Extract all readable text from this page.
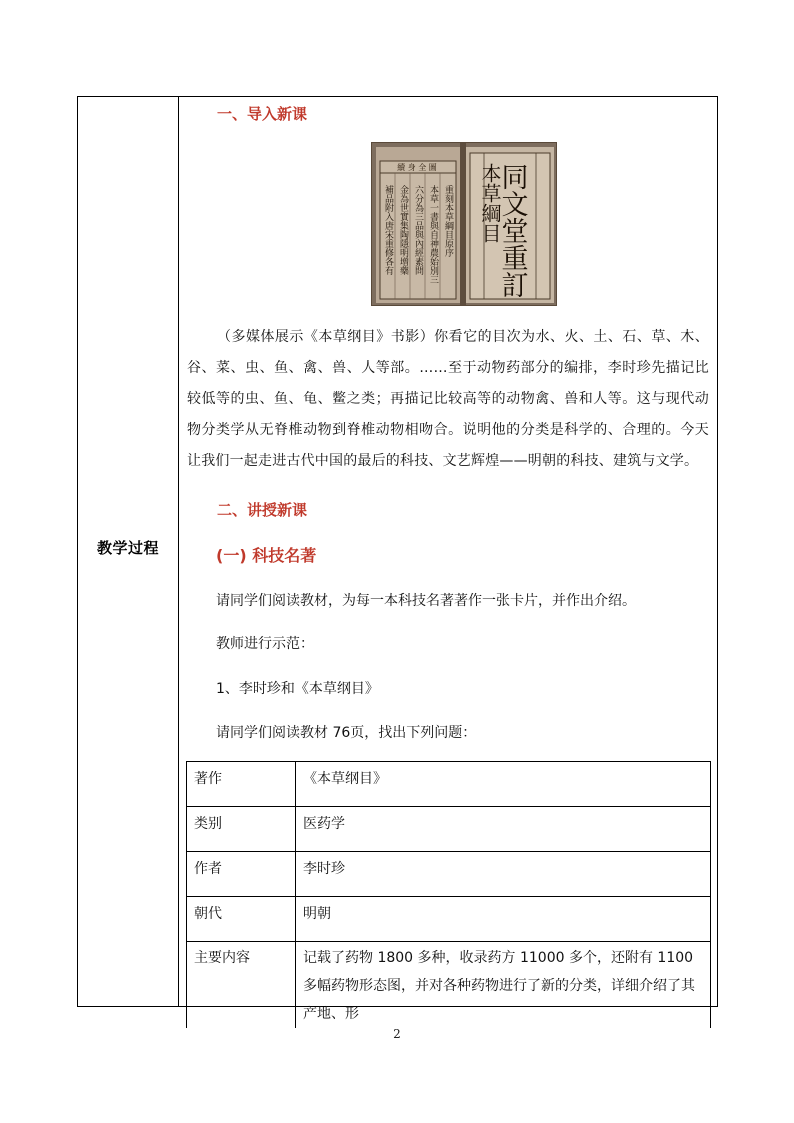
教学过程
一、导入新课
續 身 全 圖
重刻本草綱目原序
本草一書與自神農始別三
六分為三品與內經素問
金為世實集陶隱明增藥
補品附入唐宋重修各有	同文堂重訂
本草綱目
（多媒体展示《本草纲目》书影）你看它的目次为水、火、土、石、草、木、谷、菜、虫、鱼、禽、兽、人等部。……至于动物药部分的编排，李时珍先描记比较低等的虫、鱼、龟、鳖之类；再描记比较高等的动物禽、兽和人等。这与现代动物分类学从无脊椎动物到脊椎动物相吻合。说明他的分类是科学的、合理的。今天让我们一起走进古代中国的最后的科技、文艺辉煌——明朝的科技、建筑与文学。
二、讲授新课
(一) 科技名著
请同学们阅读教材，为每一本科技名著著作一张卡片，并作出介绍。
教师进行示范：
1、李时珍和《本草纲目》
请同学们阅读教材 76页，找出下列问题：
著作	《本草纲目》
类别	医药学
作者	李时珍
朝代	明朝
主要内容	记载了药物 1800 多种，收录药方 11000 多个，还附有 1100 多幅药物形态图，并对各种药物进行了新的分类，详细介绍了其产地、形
2
